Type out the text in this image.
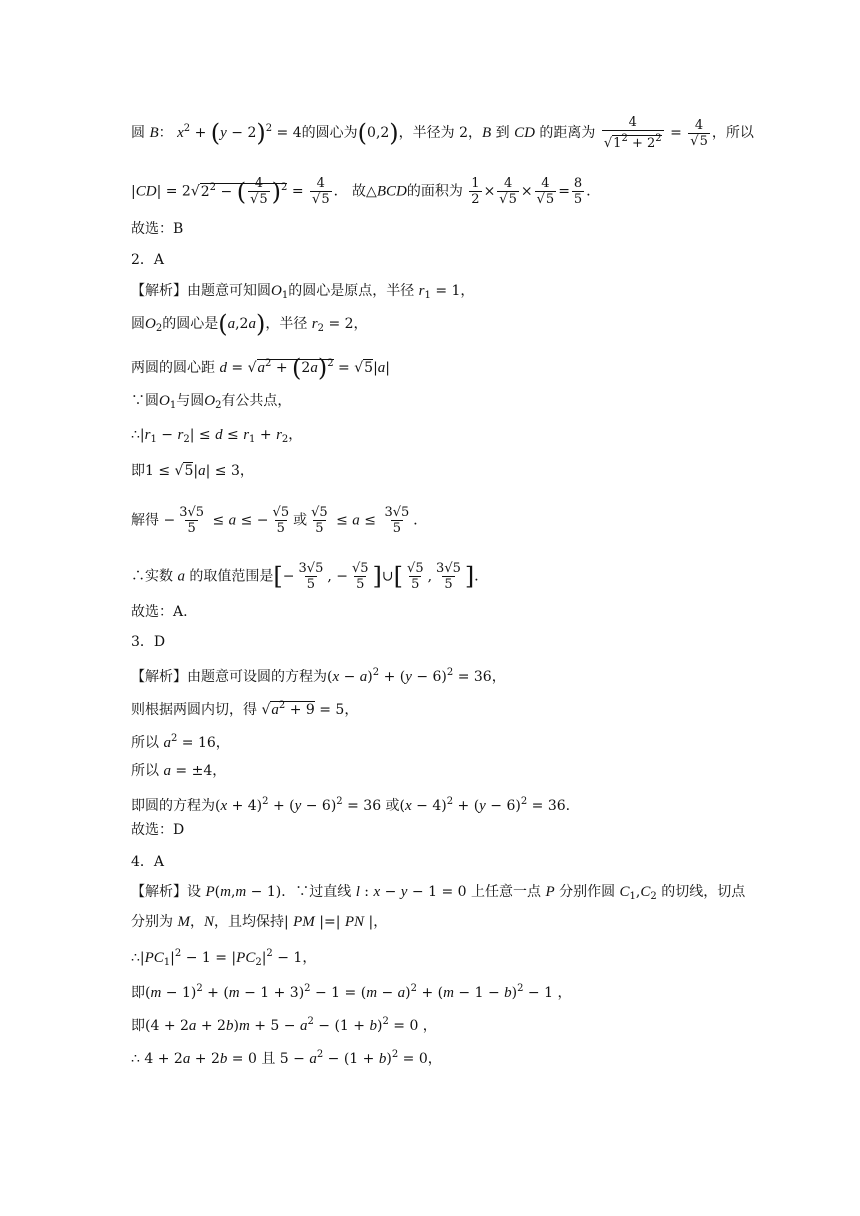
圆 B： $x^2 + (y - 2)^2 = 4$的圆心为(0,2)，半径为 2，B 到 CD 的距离为 $\frac{4}{√1^2 + 2^2} = \frac{4}{√5}$ ，所以
$|CD| = 2√2^2$ − ( $\frac{4}{√5} )^2 = \frac{4}{√5}$ ． 故△BCD的面积为 $\frac{1}{2} \times \frac{4}{√5} \times \frac{4}{√5} = \frac{8}{5}$ ．
故选：B
2．A
【解析】由题意可知圆$O_1$的圆心是原点，半径 $r_1 = 1$，
圆$O_2$的圆心是(a,2a)，半径 $r_2 = 2$，
两圆的圆心距 $d = √a^2 + (2a)^2 = √5|a|$
∵圆$O_1$与圆$O_2$有公共点，
$\therefore|r_1 - r_2| \le d \le r_1 + r_2$，
即1 ≤ √5|a| ≤ 3，
解得 − $\frac{3√5}{5} \le a$ ≤ − $\frac{√5}{5}$ 或 $\frac{√5}{5} \le a \le \frac{3√5}{5}$ ．
∴实数 a 的取值范围是[− $\frac{3√5}{5}$ , − $\frac{√5}{5}$ ]∪[ $\frac{√5}{5}$ , $\frac{3√5}{5}$ ]．
故选：A.
3．D
【解析】由题意可设圆的方程为$(x - a)^2 + (y - 6)^2 = 36$，
则根据两圆内切，得 $√a^2 + 9 = 5$，
所以 $a^2 = 16$，
所以 a = ±4，
即圆的方程为$(x + 4)^2 + (y - 6)^2 = 36$ 或$(x - 4)^2 + (y - 6)^2 = 36$.
故选：D
4．A
【解析】设 P(m,m − 1)．∵过直线 l : x − y − 1 = 0 上任意一点 P 分别作圆 $C_1,C_2$ 的切线，切点
分别为 M，N，且均保持| PM |=| PN |，
$\therefore|PC_1|^2 - 1 = |PC_2|^2 - 1$，
即$(m - 1)^2 + (m - 1 + 3)^2 - 1 = (m - a)^2 + (m - 1 - b)^2 - 1$ ，
即$(4 + 2a + 2b)m + 5 - a^2 - (1 + b)^2 = 0$ ，
∴ 4 + 2a + 2b = 0 且 $5 - a^2 - (1 + b)^2 = 0$，
